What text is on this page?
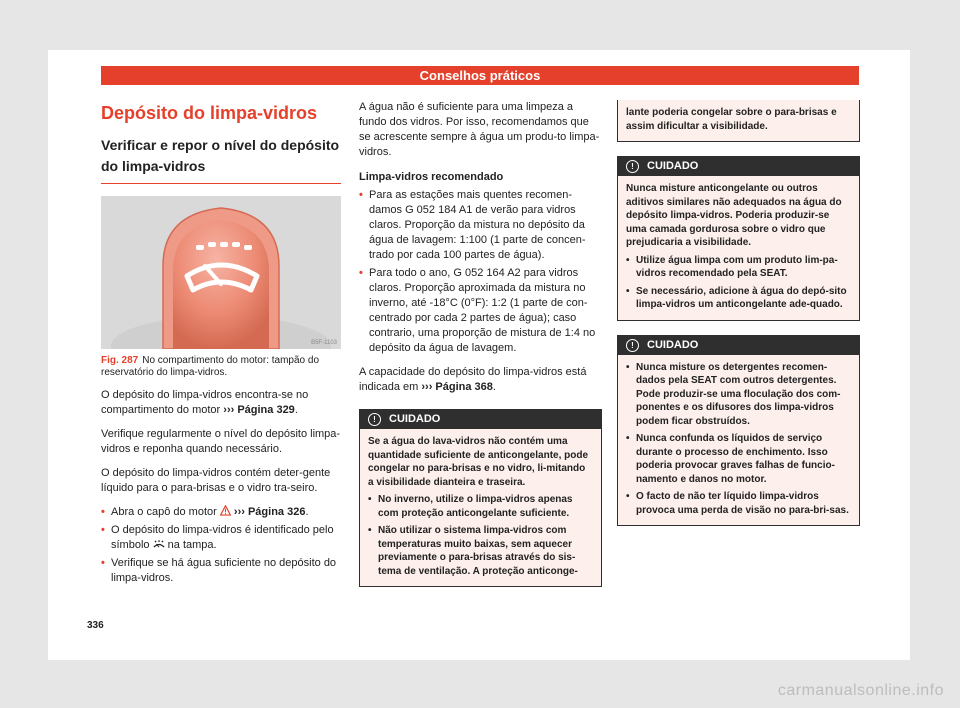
Conselhos práticos
Depósito do limpa-vidros
Verificar e repor o nível do depósito do limpa-vidros
B5F-1103
Fig. 287 No compartimento do motor: tampão do reservatório do limpa-vidros.

O depósito do limpa-vidros encontra-se no compartimento do motor ››› Página 329.

Verifique regularmente o nível do depósito limpa-vidros e reponha quando necessário.

O depósito do limpa-vidros contém deter-gente líquido para o para-brisas e o vidro tra-seiro.

• Abra o capô do motor ››› Página 326.

• O depósito do limpa-vidros é identificado pelo símbolo na tampa.

• Verifique se há água suficiente no depósito do limpa-vidros.

A água não é suficiente para uma limpeza a fundo dos vidros. Por isso, recomendamos que se acrescente sempre à água um produ-to limpa-vidros.

Limpa-vidros recomendado

• Para as estações mais quentes recomen-damos G 052 184 A1 de verão para vidros claros. Proporção da mistura no depósito da água de lavagem: 1:100 (1 parte de concen-trado por cada 100 partes de água).

• Para todo o ano, G 052 164 A2 para vidros claros. Proporção aproximada da mistura no inverno, até -18°C (0°F): 1:2 (1 parte de con-centrado por cada 2 partes de água); caso contrario, uma proporção de mistura de 1:4 no depósito da água de lavagem.

A capacidade do depósito do limpa-vidros está indicada em ››› Página 368.

! CUIDADO

Se a água do lava-vidros não contém uma quantidade suficiente de anticongelante, pode congelar no para-brisas e no vidro, li-mitando a visibilidade dianteira e traseira.

• No inverno, utilize o limpa-vidros apenas com proteção anticongelante suficiente.

• Não utilizar o sistema limpa-vidros com temperaturas muito baixas, sem aquecer previamente o para-brisas através do sis-tema de ventilação. A proteção anticonge-

lante poderia congelar sobre o para-brisas e assim dificultar a visibilidade.

! CUIDADO

Nunca misture anticongelante ou outros aditivos similares não adequados na água do depósito limpa-vidros. Poderia produzir-se uma camada gordurosa sobre o vidro que prejudicaria a visibilidade.

• Utilize água limpa com um produto lim-pa-vidros recomendado pela SEAT.

• Se necessário, adicione à água do depó-sito limpa-vidros um anticongelante ade-quado.

! CUIDADO

• Nunca misture os detergentes recomen-dados pela SEAT com outros detergentes. Pode produzir-se uma floculação dos com-ponentes e os difusores dos limpa-vidros podem ficar obstruídos.

• Nunca confunda os líquidos de serviço durante o processo de enchimento. Isso poderia provocar graves falhas de funcio-namento e danos no motor.

• O facto de não ter líquido limpa-vidros provoca uma perda de visão no para-bri-sas.

336
carmanualsonline.info
